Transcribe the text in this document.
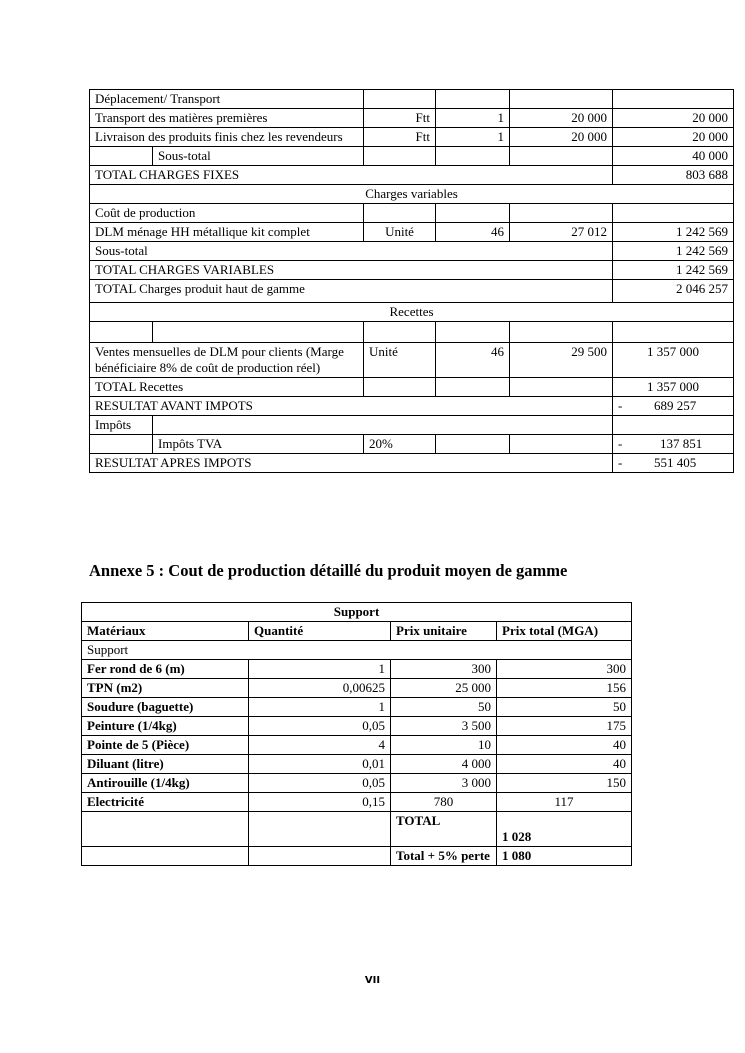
Déplacement/ Transport					
Transport des matières premières		Ftt	1	20 000	20 000
Livraison des produits finis chez les revendeurs		Ftt	1	20 000	20 000
	Sous-total				40 000
TOTAL CHARGES FIXES					803 688
Charges variables					
Coût de production					
DLM ménage HH métallique kit complet		Unité	46	27 012	1 242 569
Sous-total					1 242 569
TOTAL CHARGES VARIABLES					1 242 569
TOTAL Charges produit haut de gamme					2 046 257
Recettes					

Ventes mensuelles de DLM pour clients (Marge bénéficiaire 8% de coût de production réel)		Unité	46	29 500	1 357 000
TOTAL Recettes					1 357 000
RESULTAT AVANT IMPOTS					- 689 257
Impôts					
	Impôts TVA	20%			- 137 851
RESULTAT APRES IMPOTS					- 551 405
Annexe 5 : Cout de production détaillé du produit moyen de gamme
Support			
Matériaux	Quantité	Prix unitaire	Prix total (MGA)
Support			
Fer rond de 6 (m)	1	300	300
TPN (m2)	0,00625	25 000	156
Soudure (baguette)	1	50	50
Peinture (1/4kg)	0,05	3 500	175
Pointe de 5 (Pièce)	4	10	40
Diluant (litre)	0,01	4 000	40
Antirouille (1/4kg)	0,05	3 000	150
Electricité	0,15	780	117
		TOTAL	1 028
		Total + 5% perte	1 080
VII
